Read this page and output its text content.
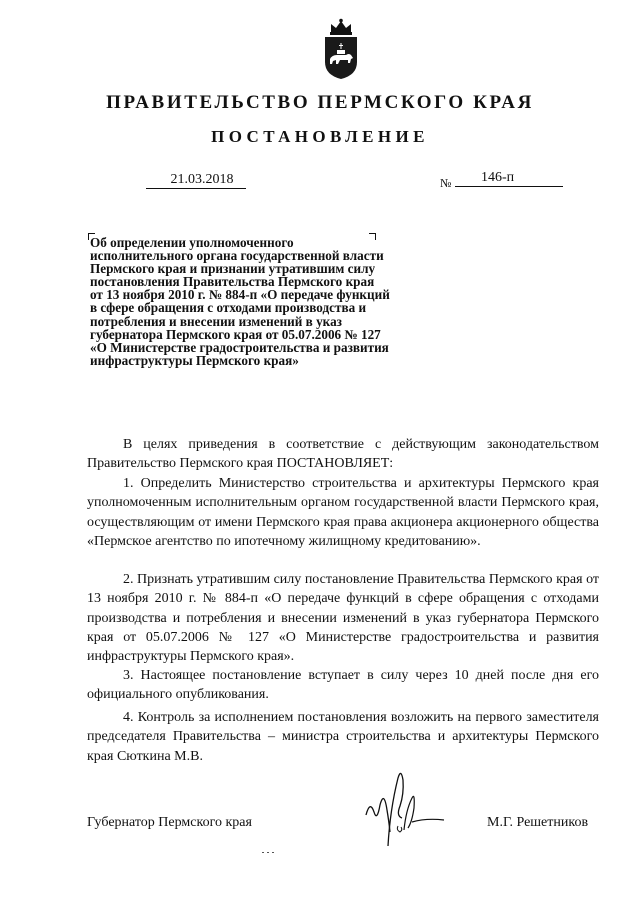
ПРАВИТЕЛЬСТВО ПЕРМСКОГО КРАЯ
ПОСТАНОВЛЕНИЕ
21.03.2018	№	146-п
Об определении уполномоченного исполнительного органа государственной власти Пермского края и признании утратившим силу постановления Правительства Пермского края от 13 ноября 2010 г. № 884-п «О передаче функций в сфере обращения с отходами производства и потребления и внесении изменений в указ губернатора Пермского края от 05.07.2006 № 127 «О Министерстве градостроительства и развития инфраструктуры Пермского края»
В целях приведения в соответствие с действующим законодательством Правительство Пермского края ПОСТАНОВЛЯЕТ:
1. Определить Министерство строительства и архитектуры Пермского края уполномоченным исполнительным органом государственной власти Пермского края, осуществляющим от имени Пермского края права акционера акционерного общества «Пермское агентство по ипотечному жилищному кредитованию».
2. Признать утратившим силу постановление Правительства Пермского края от 13 ноября 2010 г. № 884-п «О передаче функций в сфере обращения с отходами производства и потребления и внесении изменений в указ губернатора Пермского края от 05.07.2006 № 127 «О Министерстве градостроительства и развития инфраструктуры Пермского края».
3. Настоящее постановление вступает в силу через 10 дней после дня его официального опубликования.
4. Контроль за исполнением постановления возложить на первого заместителя председателя Правительства – министра строительства и архитектуры Пермского края Сюткина М.В.
Губернатор Пермского края	М.Г. Решетников
